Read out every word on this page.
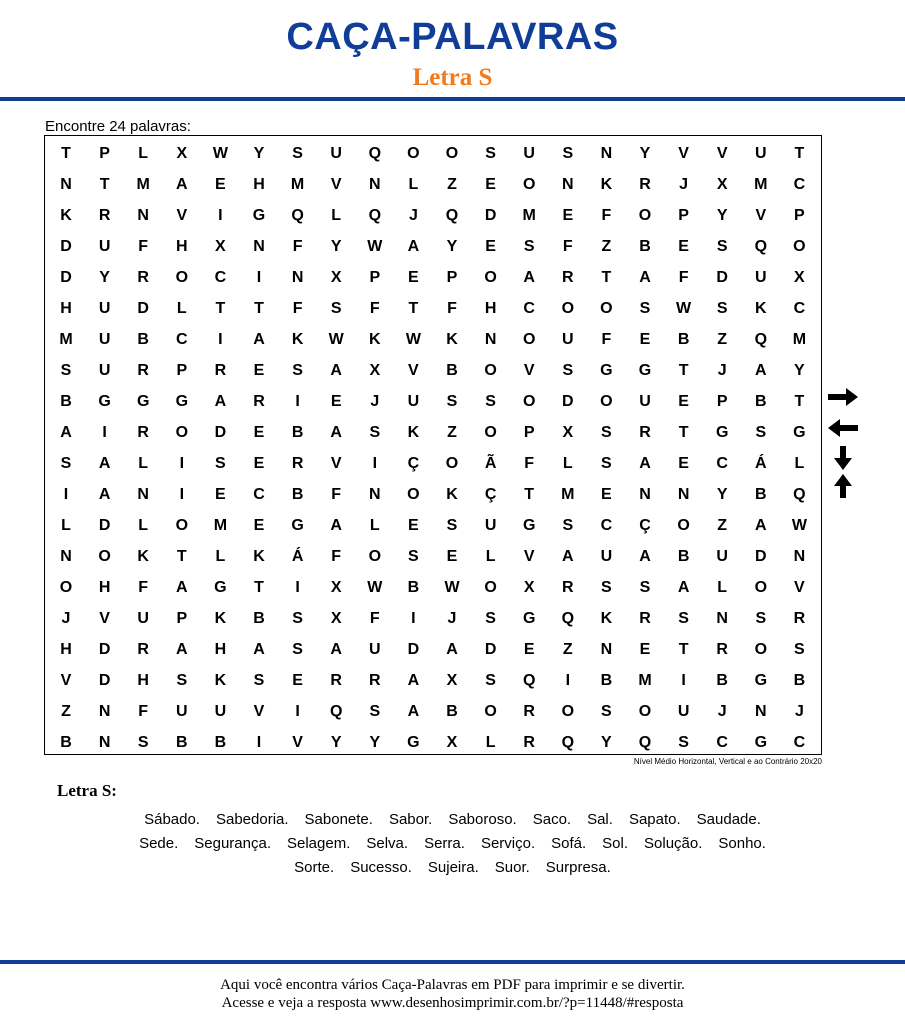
CAÇA-PALAVRAS
Letra S
Encontre 24 palavras:
T	P	L	X	W	Y	S	U	Q	O	O	S	U	S	N	Y	V	V	U	T
N	T	M	A	E	H	M	V	N	L	Z	E	O	N	K	R	J	X	M	C
K	R	N	V	I	G	Q	L	Q	J	Q	D	M	E	F	O	P	Y	V	P
D	U	F	H	X	N	F	Y	W	A	Y	E	S	F	Z	B	E	S	Q	O
D	Y	R	O	C	I	N	X	P	E	P	O	A	R	T	A	F	D	U	X
H	U	D	L	T	T	F	S	F	T	F	H	C	O	O	S	W	S	K	C
M	U	B	C	I	A	K	W	K	W	K	N	O	U	F	E	B	Z	Q	M
S	U	R	P	R	E	S	A	X	V	B	O	V	S	G	G	T	J	A	Y
B	G	G	G	A	R	I	E	J	U	S	S	O	D	O	U	E	P	B	T
A	I	R	O	D	E	B	A	S	K	Z	O	P	X	S	R	T	G	S	G
S	A	L	I	S	E	R	V	I	Ç	O	Ã	F	L	S	A	E	C	Á	L
I	A	N	I	E	C	B	F	N	O	K	Ç	T	M	E	N	N	Y	B	Q
L	D	L	O	M	E	G	A	L	E	S	U	G	S	C	Ç	O	Z	A	W
N	O	K	T	L	K	Á	F	O	S	E	L	V	A	U	A	B	U	D	N
O	H	F	A	G	T	I	X	W	B	W	O	X	R	S	S	A	L	O	V
J	V	U	P	K	B	S	X	F	I	J	S	G	Q	K	R	S	N	S	R
H	D	R	A	H	A	S	A	U	D	A	D	E	Z	N	E	T	R	O	S
V	D	H	S	K	S	E	R	R	A	X	S	Q	I	B	M	I	B	G	B
Z	N	F	U	U	V	I	Q	S	A	B	O	R	O	S	O	U	J	N	J
B	N	S	B	B	I	V	Y	Y	G	X	L	R	Q	Y	Q	S	C	G	C
Nível Médio Horizontal, Vertical e ao Contrário 20x20
Letra S:
Sábado. Sabedoria. Sabonete. Sabor. Saboroso. Saco. Sal. Sapato. Saudade.
Sede. Segurança. Selagem. Selva. Serra. Serviço. Sofá. Sol. Solução. Sonho.
Sorte. Sucesso. Sujeira. Suor. Surpresa.
Aqui você encontra vários Caça-Palavras em PDF para imprimir e se divertir.
Acesse e veja a resposta www.desenhosimprimir.com.br/?p=11448/#resposta
